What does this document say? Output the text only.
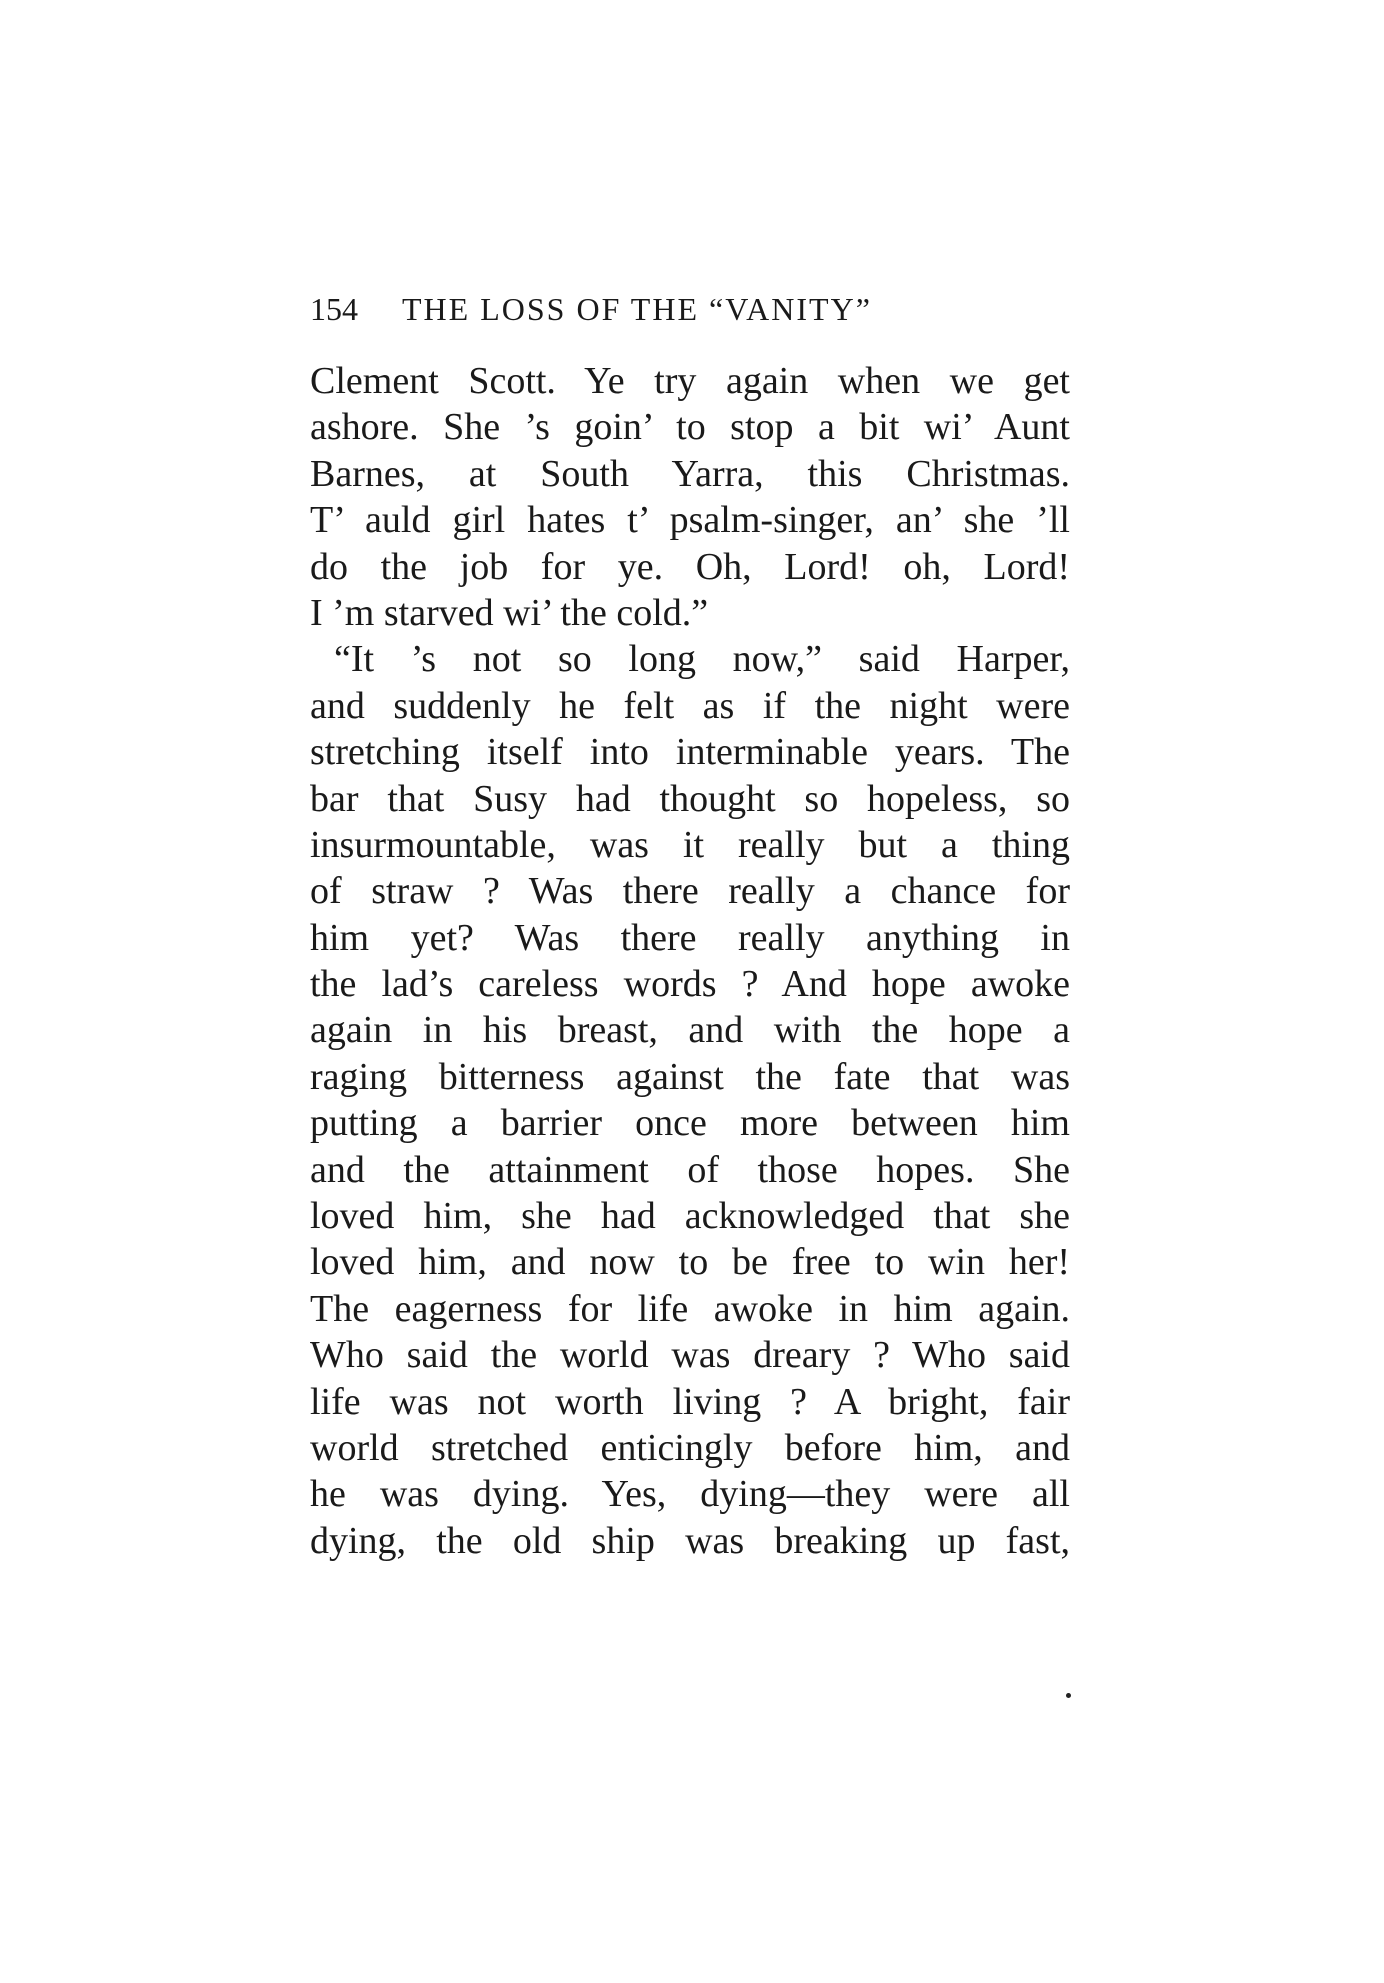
154 THE LOSS OF THE “VANITY”
Clement Scott. Ye try again when we get
ashore. She ’s goin’ to stop a bit wi’ Aunt
Barnes, at South Yarra, this Christmas.
T’ auld girl hates t’ psalm-singer, an’ she ’ll
do the job for ye. Oh, Lord! oh, Lord!
I ’m starved wi’ the cold.”
“It ’s not so long now,” said Harper,
and suddenly he felt as if the night were
stretching itself into interminable years. The
bar that Susy had thought so hopeless, so
insurmountable, was it really but a thing
of straw ? Was there really a chance for
him yet? Was there really anything in
the lad’s careless words ? And hope awoke
again in his breast, and with the hope a
raging bitterness against the fate that was
putting a barrier once more between him
and the attainment of those hopes. She
loved him, she had acknowledged that she
loved him, and now to be free to win her!
The eagerness for life awoke in him again.
Who said the world was dreary ? Who said
life was not worth living ? A bright, fair
world stretched enticingly before him, and
he was dying. Yes, dying—they were all
dying, the old ship was breaking up fast,
